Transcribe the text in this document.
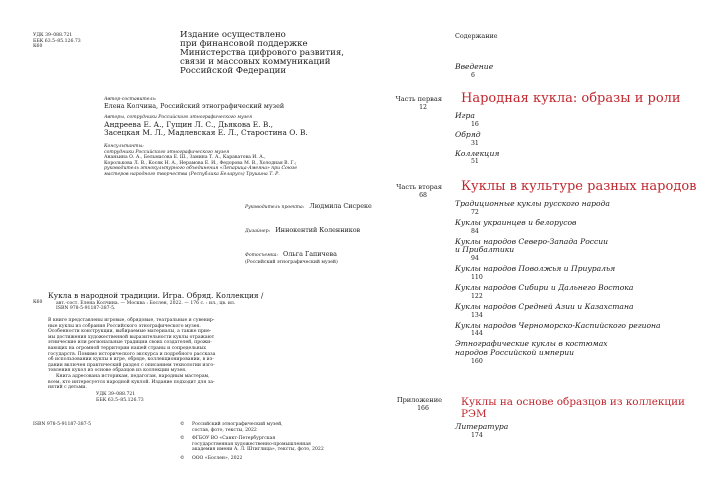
УДК 39–088.721
ББК 63.5–85.126.73
К60
Издание осуществлено
при финансовой поддержке
Министерства цифрового развития,
связи и массовых коммуникаций
Российской Федерации
Автор-составитель:
Елена Колчина, Российский этнографический музей
Авторы, сотрудники Российского этнографического музея
Андреева Е. А., Гущин Л. С., Дьякова Е. В.,
Засецкая М. Л., Мадлевская Е. Л., Старостина О. В.
Консультанты:
сотрудники Российского этнографического музея
Ананьина О. А., Бельмасова Е. Ш., Замина Т. А., Караватова И. А.,
Королькова Л. В., Косяк Н. А., Нерамова Е. И., Федорова М. В., Холодная В. Г.;
руководитель этнокультурного объединения «Лепарица-Амеяна» при Союзе
мастеров народного творчества (Республика Беларусь) Трушина Т. Р.
Руководитель проекта: Людмила Сисреке
Дизайнер: Иннокентий Коленников
Фотосъемка: Ольга Гапичева
(Российский этнографический музей)
К60
Кукла в народной традиции. Игра. Обряд. Коллекция /
авт.-сост. Елена Колчина. — Москва : Бослен, 2022. — 176 с. : ил., цв. ил.
ISBN 978-5-91187-387-5.
В книге представлены игровые, обрядовые, театральные и сувенир-
ные куклы из собрания Российского этнографического музея.
Особенности конструкции, выбираемые материалы, а также прие-
мы достижения художественной выразительности куклы отражают
этнические или региональные традиции своих создателей, прожи-
вающих на огромной территории нашей страны и сопредельных
государств. Помимо исторического экскурса и подробного рассказа
об использовании куклы в игре, обряде, коллекционировании, в из-
дании включен практический раздел с описанием технологии изго-
товления кукол из основе образцов из коллекции музея.
Книга адресована историкам, педагогам, народным мастерам,
всем, кто интересуется народной куклой. Издание подходит для за-
нятий с детьми.
УДК 39–088.721
ББК 63.5–85.126.73
ISBN 978-5-91187-387-5	©	Российский этнографический музей,
состав, фото, тексты, 2022
©	ФГБОУ ВО «Санкт-Петербургская
государственная художественно-промышленная
академия имени А. Л. Штиглица», тексты, фото, 2022
©	ООО «Бослен», 2022
Содержание
Введение
6
Часть первая
12
Народная кукла: образы и роли
Игра
16
Обряд
31
Коллекция
51
Часть вторая
68
Куклы в культуре разных народов
Традиционные куклы русского народа
72
Куклы украинцев и белорусов
84
Куклы народов Северо-Запада России
и Прибалтики
94
Куклы народов Поволжья и Приуралья
110
Куклы народов Сибири и Дальнего Востока
122
Куклы народов Средней Азии и Казахстана
134
Куклы народов Черноморско-Каспийского региона
144
Этнографические куклы в костюмах
народов Российской империи
160
Приложение
166
Куклы на основе образцов из коллекции РЭМ
Литература
174
